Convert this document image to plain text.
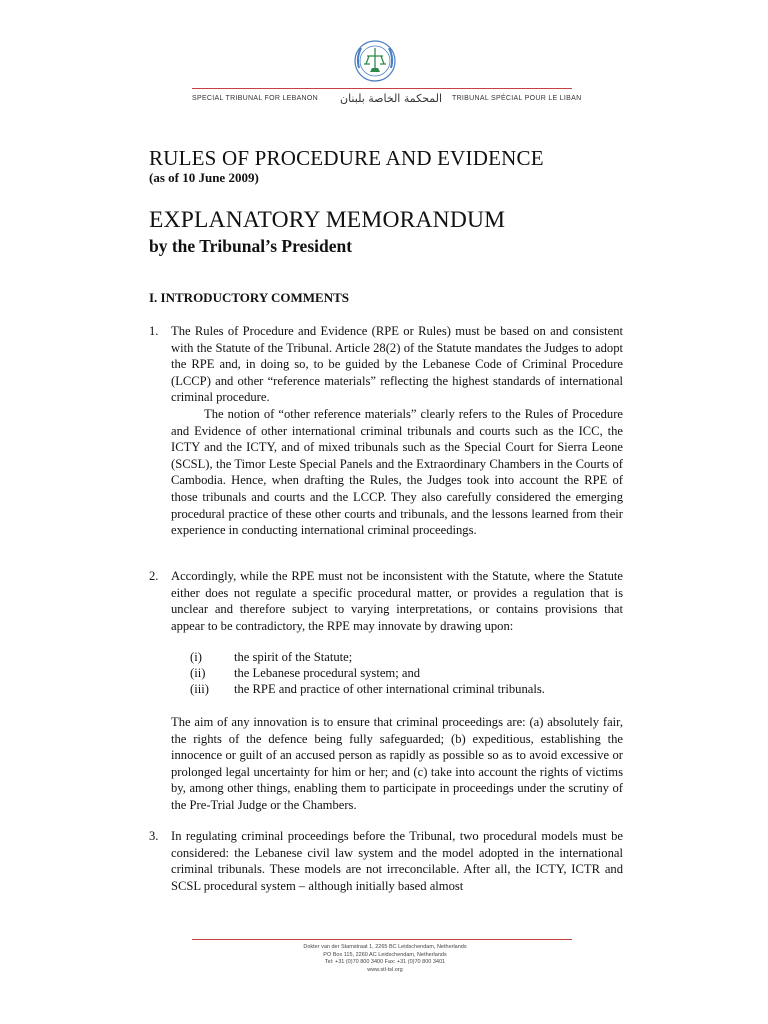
SPECIAL TRIBUNAL FOR LEBANON المحكمة الخاصة بلبنان TRIBUNAL SPÉCIAL POUR LE LIBAN
RULES OF PROCEDURE AND EVIDENCE
(as of 10 June 2009)
EXPLANATORY MEMORANDUM
by the Tribunal’s President
I. INTRODUCTORY COMMENTS
1. The Rules of Procedure and Evidence (RPE or Rules) must be based on and consistent with the Statute of the Tribunal. Article 28(2) of the Statute mandates the Judges to adopt the RPE and, in doing so, to be guided by the Lebanese Code of Criminal Procedure (LCCP) and other “reference materials” reflecting the highest standards of international criminal procedure.
The notion of “other reference materials” clearly refers to the Rules of Procedure and Evidence of other international criminal tribunals and courts such as the ICC, the ICTY and the ICTY, and of mixed tribunals such as the Special Court for Sierra Leone (SCSL), the Timor Leste Special Panels and the Extraordinary Chambers in the Courts of Cambodia. Hence, when drafting the Rules, the Judges took into account the RPE of those tribunals and courts and the LCCP. They also carefully considered the emerging procedural practice of these other courts and tribunals, and the lessons learned from their experience in conducting international criminal proceedings.
2. Accordingly, while the RPE must not be inconsistent with the Statute, where the Statute either does not regulate a specific procedural matter, or provides a regulation that is unclear and therefore subject to varying interpretations, or contains provisions that appear to be contradictory, the RPE may innovate by drawing upon:
(i)	the spirit of the Statute;
(ii) the Lebanese procedural system; and
(iii) the RPE and practice of other international criminal tribunals.
The aim of any innovation is to ensure that criminal proceedings are: (a) absolutely fair, the rights of the defence being fully safeguarded; (b) expeditious, establishing the innocence or guilt of an accused person as rapidly as possible so as to avoid excessive or prolonged legal uncertainty for him or her; and (c) take into account the rights of victims by, among other things, enabling them to participate in proceedings under the scrutiny of the Pre-Trial Judge or the Chambers.
3. In regulating criminal proceedings before the Tribunal, two procedural models must be considered: the Lebanese civil law system and the model adopted in the international criminal tribunals. These models are not irreconcilable. After all, the ICTY, ICTR and SCSL procedural system – although initially based almost
Dokter van der Stamstraat 1, 2265 BC Leidschendam, Netherlands
PO Box 115, 2260 AC Leidschendam, Netherlands
Tel: +31 (0)70 800 3400 Fax: +31 (0)70 800 3401
www.stl-tsl.org
